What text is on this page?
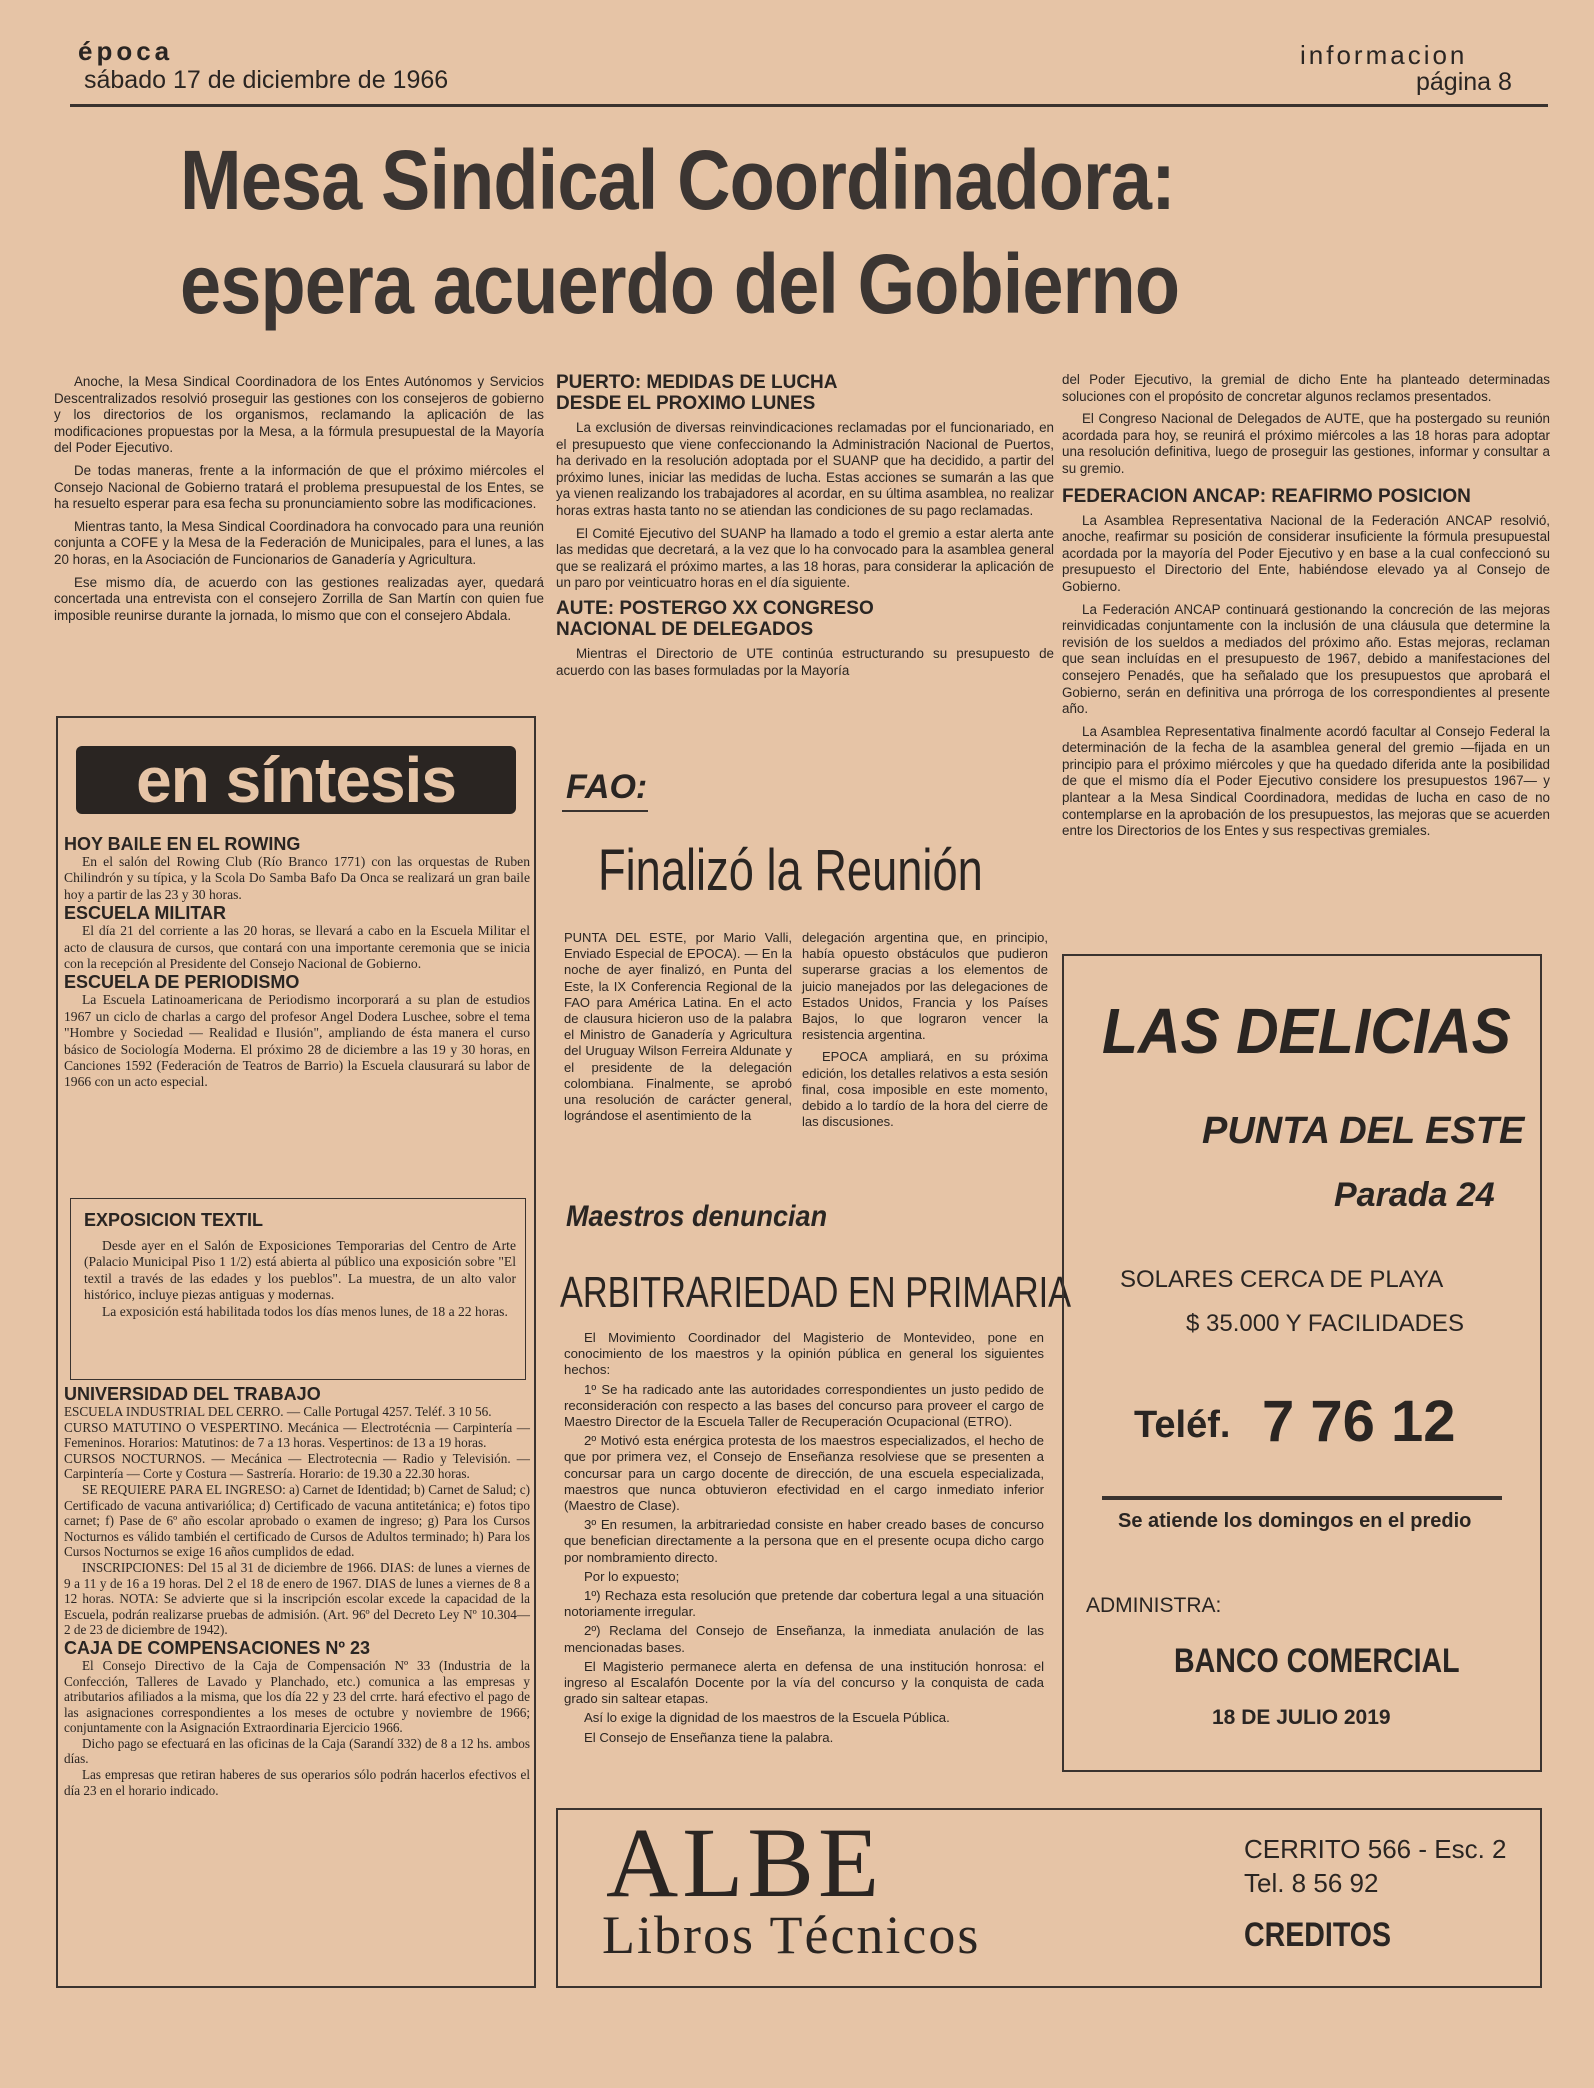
época
sábado 17 de diciembre de 1966
informacion
página 8
Mesa Sindical Coordinadora:
espera acuerdo del Gobierno

Anoche, la Mesa Sindical Coordinadora de los Entes Autónomos y Servicios Descentralizados resolvió proseguir las gestiones con los consejeros de gobierno y los directorios de los organismos, reclamando la aplicación de las modificaciones propuestas por la Mesa, a la fórmula presupuestal de la Mayoría del Poder Ejecutivo.

De todas maneras, frente a la información de que el próximo miércoles el Consejo Nacional de Gobierno tratará el problema presupuestal de los Entes, se ha resuelto esperar para esa fecha su pronunciamiento sobre las modificaciones.

Mientras tanto, la Mesa Sindical Coordinadora ha convocado para una reunión conjunta a COFE y la Mesa de la Federación de Municipales, para el lunes, a las 20 horas, en la Asociación de Funcionarios de Ganadería y Agricultura.

Ese mismo día, de acuerdo con las gestiones realizadas ayer, quedará concertada una entrevista con el consejero Zorrilla de San Martín con quien fue imposible reunirse durante la jornada, lo mismo que con el consejero Abdala.

PUERTO: MEDIDAS DE LUCHA
DESDE EL PROXIMO LUNES

La exclusión de diversas reinvindicaciones reclamadas por el funcionariado, en el presupuesto que viene confeccionando la Administración Nacional de Puertos, ha derivado en la resolución adoptada por el SUANP que ha decidido, a partir del próximo lunes, iniciar las medidas de lucha. Estas acciones se sumarán a las que ya vienen realizando los trabajadores al acordar, en su última asamblea, no realizar horas extras hasta tanto no se atiendan las condiciones de su pago reclamadas.

El Comité Ejecutivo del SUANP ha llamado a todo el gremio a estar alerta ante las medidas que decretará, a la vez que lo ha convocado para la asamblea general que se realizará el próximo martes, a las 18 horas, para considerar la aplicación de un paro por veinticuatro horas en el día siguiente.

AUTE: POSTERGO XX CONGRESO
NACIONAL DE DELEGADOS

Mientras el Directorio de UTE continúa estructurando su presupuesto de acuerdo con las bases formuladas por la Mayoría

del Poder Ejecutivo, la gremial de dicho Ente ha planteado determinadas soluciones con el propósito de concretar algunos reclamos presentados.

El Congreso Nacional de Delegados de AUTE, que ha postergado su reunión acordada para hoy, se reunirá el próximo miércoles a las 18 horas para adoptar una resolución definitiva, luego de proseguir las gestiones, informar y consultar a su gremio.

FEDERACION ANCAP: REAFIRMO POSICION

La Asamblea Representativa Nacional de la Federación ANCAP resolvió, anoche, reafirmar su posición de considerar insuficiente la fórmula presupuestal acordada por la mayoría del Poder Ejecutivo y en base a la cual confeccionó su presupuesto el Directorio del Ente, habiéndose elevado ya al Consejo de Gobierno.

La Federación ANCAP continuará gestionando la concreción de las mejoras reinvidicadas conjuntamente con la inclusión de una cláusula que determine la revisión de los sueldos a mediados del próximo año. Estas mejoras, reclaman que sean incluídas en el presupuesto de 1967, debido a manifestaciones del consejero Penadés, que ha señalado que los presupuestos que aprobará el Gobierno, serán en definitiva una prórroga de los correspondientes al presente año.

La Asamblea Representativa finalmente acordó facultar al Consejo Federal la determinación de la fecha de la asamblea general del gremio —fijada en un principio para el próximo miércoles y que ha quedado diferida ante la posibilidad de que el mismo día el Poder Ejecutivo considere los presupuestos 1967— y plantear a la Mesa Sindical Coordinadora, medidas de lucha en caso de no contemplarse en la aprobación de los presupuestos, las mejoras que se acuerden entre los Directorios de los Entes y sus respectivas gremiales.

en síntesis
HOY BAILE EN EL ROWING

En el salón del Rowing Club (Río Branco 1771) con las orquestas de Ruben Chilindrón y su típica, y la Scola Do Samba Bafo Da Onca se realizará un gran baile hoy a partir de las 23 y 30 horas.

ESCUELA MILITAR

El día 21 del corriente a las 20 horas, se llevará a cabo en la Escuela Militar el acto de clausura de cursos, que contará con una importante ceremonia que se inicia con la recepción al Presidente del Consejo Nacional de Gobierno.

ESCUELA DE PERIODISMO

La Escuela Latinoamericana de Periodismo incorporará a su plan de estudios 1967 un ciclo de charlas a cargo del profesor Angel Dodera Luschee, sobre el tema "Hombre y Sociedad — Realidad e Ilusión", ampliando de ésta manera el curso básico de Sociología Moderna. El próximo 28 de diciembre a las 19 y 30 horas, en Canciones 1592 (Federación de Teatros de Barrio) la Escuela clausurará su labor de 1966 con un acto especial.

EXPOSICION TEXTIL

Desde ayer en el Salón de Exposiciones Temporarias del Centro de Arte (Palacio Municipal Piso 1 1/2) está abierta al público una exposición sobre "El textil a través de las edades y los pueblos". La muestra, de un alto valor histórico, incluye piezas antiguas y modernas.

La exposición está habilitada todos los días menos lunes, de 18 a 22 horas.

UNIVERSIDAD DEL TRABAJO

ESCUELA INDUSTRIAL DEL CERRO. — Calle Portugal 4257. Teléf. 3 10 56.

CURSO MATUTINO O VESPERTINO. Mecánica — Electrotécnia — Carpintería — Femeninos. Horarios: Matutinos: de 7 a 13 horas. Vespertinos: de 13 a 19 horas.

CURSOS NOCTURNOS. — Mecánica — Electrotecnia — Radio y Televisión. — Carpintería — Corte y Costura — Sastrería. Horario: de 19.30 a 22.30 horas.

SE REQUIERE PARA EL INGRESO: a) Carnet de Identidad; b) Carnet de Salud; c) Certificado de vacuna antivariólica; d) Certificado de vacuna antitetánica; e) fotos tipo carnet; f) Pase de 6º año escolar aprobado o examen de ingreso; g) Para los Cursos Nocturnos es válido también el certificado de Cursos de Adultos terminado; h) Para los Cursos Nocturnos se exige 16 años cumplidos de edad.

INSCRIPCIONES: Del 15 al 31 de diciembre de 1966. DIAS: de lunes a viernes de 9 a 11 y de 16 a 19 horas. Del 2 el 18 de enero de 1967. DIAS de lunes a viernes de 8 a 12 horas. NOTA: Se advierte que si la inscripción escolar excede la capacidad de la Escuela, podrán realizarse pruebas de admisión. (Art. 96º del Decreto Ley Nº 10.304—2 de 23 de diciembre de 1942).

CAJA DE COMPENSACIONES Nº 23

El Consejo Directivo de la Caja de Compensación Nº 33 (Industria de la Confección, Talleres de Lavado y Planchado, etc.) comunica a las empresas y atributarios afiliados a la misma, que los día 22 y 23 del crrte. hará efectivo el pago de las asignaciones correspondientes a los meses de octubre y noviembre de 1966; conjuntamente con la Asignación Extraordinaria Ejercicio 1966.

Dicho pago se efectuará en las oficinas de la Caja (Sarandí 332) de 8 a 12 hs. ambos días.

Las empresas que retiran haberes de sus operarios sólo podrán hacerlos efectivos el día 23 en el horario indicado.

FAO:
Finalizó la Reunión

PUNTA DEL ESTE, por Mario Valli, Enviado Especial de EPOCA). — En la noche de ayer finalizó, en Punta del Este, la IX Conferencia Regional de la FAO para América Latina. En el acto de clausura hicieron uso de la palabra el Ministro de Ganadería y Agricultura del Uruguay Wilson Ferreira Aldunate y el presidente de la delegación colombiana. Finalmente, se aprobó una resolución de carácter general, lográndose el asentimiento de la

delegación argentina que, en principio, había opuesto obstáculos que pudieron superarse gracias a los elementos de juicio manejados por las delegaciones de Estados Unidos, Francia y los Países Bajos, lo que lograron vencer la resistencia argentina.

EPOCA ampliará, en su próxima edición, los detalles relativos a esta sesión final, cosa imposible en este momento, debido a lo tardío de la hora del cierre de las discusiones.

Maestros denuncian
ARBITRARIEDAD EN PRIMARIA

El Movimiento Coordinador del Magisterio de Montevideo, pone en conocimiento de los maestros y la opinión pública en general los siguientes hechos:

1º Se ha radicado ante las autoridades correspondientes un justo pedido de reconsideración con respecto a las bases del concurso para proveer el cargo de Maestro Director de la Escuela Taller de Recuperación Ocupacional (ETRO).

2º Motivó esta enérgica protesta de los maestros especializados, el hecho de que por primera vez, el Consejo de Enseñanza resolviese que se presenten a concursar para un cargo docente de dirección, de una escuela especializada, maestros que nunca obtuvieron efectividad en el cargo inmediato inferior (Maestro de Clase).

3º En resumen, la arbitrariedad consiste en haber creado bases de concurso que benefician directamente a la persona que en el presente ocupa dicho cargo por nombramiento directo.

Por lo expuesto;

1º) Rechaza esta resolución que pretende dar cobertura legal a una situación notoriamente irregular.

2º) Reclama del Consejo de Enseñanza, la inmediata anulación de las mencionadas bases.

El Magisterio permanece alerta en defensa de una institución honrosa: el ingreso al Escalafón Docente por la vía del concurso y la conquista de cada grado sin saltear etapas.

Así lo exige la dignidad de los maestros de la Escuela Pública.

El Consejo de Enseñanza tiene la palabra.

LAS DELICIAS
PUNTA DEL ESTE
Parada 24
SOLARES CERCA DE PLAYA
$ 35.000 Y FACILIDADES
Teléf. 7 76 12
Se atiende los domingos en el predio
ADMINISTRA:
BANCO COMERCIAL
18 DE JULIO 2019
ALBE
Libros Técnicos
CERRITO 566 - Esc. 2
Tel. 8 56 92
CREDITOS
